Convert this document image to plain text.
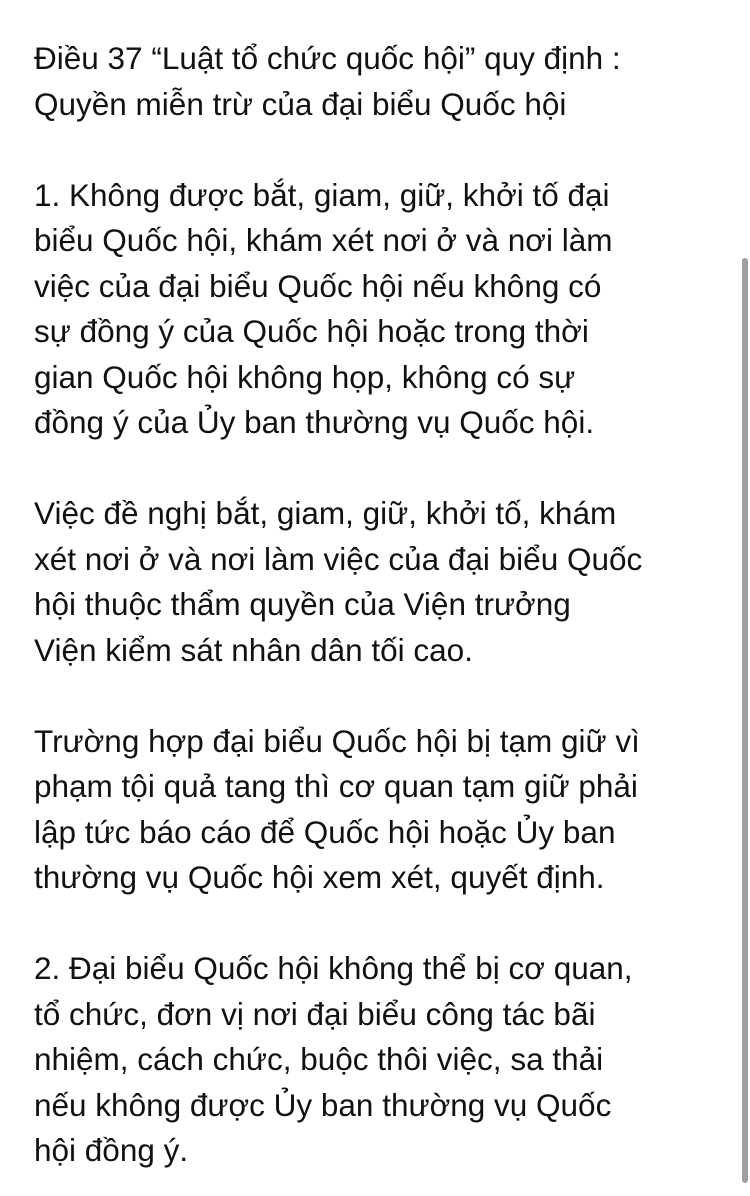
Điều 37 “Luật tổ chức quốc hội” quy định :
Quyền miễn trừ của đại biểu Quốc hội
1. Không được bắt, giam, giữ, khởi tố đại
biểu Quốc hội, khám xét nơi ở và nơi làm
việc của đại biểu Quốc hội nếu không có
sự đồng ý của Quốc hội hoặc trong thời
gian Quốc hội không họp, không có sự
đồng ý của Ủy ban thường vụ Quốc hội.
Việc đề nghị bắt, giam, giữ, khởi tố, khám
xét nơi ở và nơi làm việc của đại biểu Quốc
hội thuộc thẩm quyền của Viện trưởng
Viện kiểm sát nhân dân tối cao.
Trường hợp đại biểu Quốc hội bị tạm giữ vì
phạm tội quả tang thì cơ quan tạm giữ phải
lập tức báo cáo để Quốc hội hoặc Ủy ban
thường vụ Quốc hội xem xét, quyết định.
2. Đại biểu Quốc hội không thể bị cơ quan,
tổ chức, đơn vị nơi đại biểu công tác bãi
nhiệm, cách chức, buộc thôi việc, sa thải
nếu không được Ủy ban thường vụ Quốc
hội đồng ý.
